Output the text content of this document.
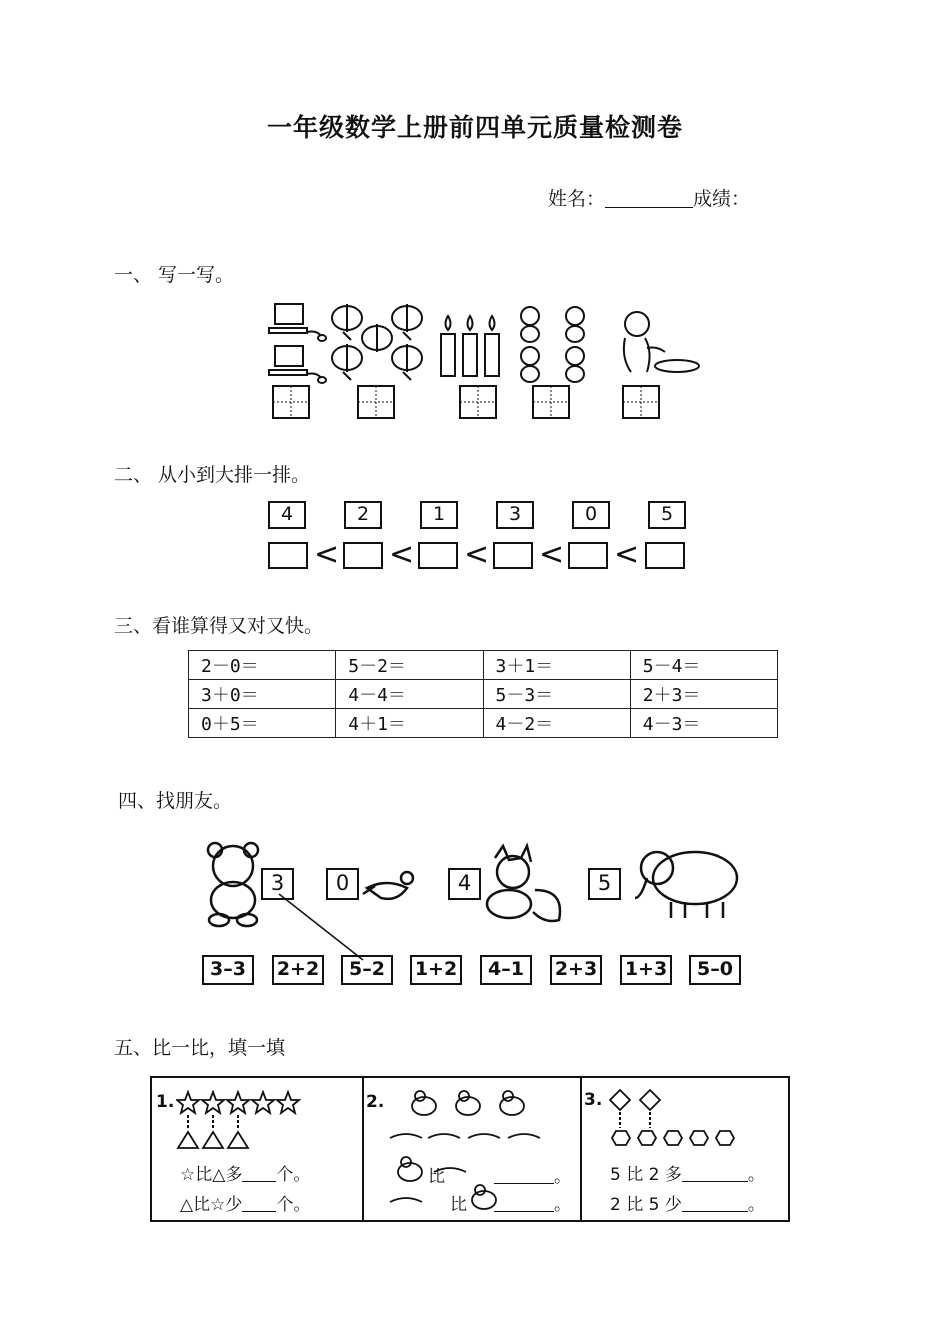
一年级数学上册前四单元质量检测卷
姓名：	成绩：
一、 写一写。
二、 从小到大排一排。
4	2	1	3	0	5
< < < < <
三、看谁算得又对又快。
2－0＝	5－2＝	3＋1＝	5－4＝
3＋0＝	4－4＝	5－3＝	2＋3＝
0＋5＝	4＋1＝	4－2＝	4－3＝
四、找朋友。
3	0	4	5
3–3	2+2	5–2	1+2	4–1	2+3 1+3	5–0
五、比一比，填一填
1.
☆比△多 个。
△比☆少 个。
2.
比	。
比	。
3.
5 比 2 多	。
2 比 5 少	。
